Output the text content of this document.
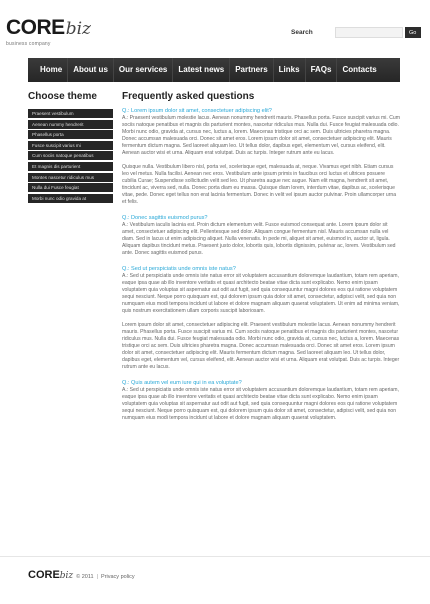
COREbiz
business company
Search	Go
Home	About us	Our services	Latest news	Partners	Links	FAQs	Contacts
Choose theme
Praesent vestibulum
Aenean nummy hendrerit
Phasellus porta
Fusce suscipit varius mi
Cum sociis natoque penatibus
Et magnis dis parturient
Montes nascetur ridiculus mus
Nulla dui Fusce feugiat
Morbi nunc odio gravida at
Frequently asked questions
Q.: Lorem ipsum dolor sit amet, consectetuer adipiscing elit?
A.: Praesent vestibulum molestie lacus. Aenean nonummy hendrerit mauris. Phasellus porta. Fusce suscipit varius mi. Cum sociis natoque penatibus et magnis dis parturient montes, nascetur ridiculus mus. Nulla dui. Fusce feugiat malesuada odio. Morbi nunc odio, gravida at, cursus nec, luctus a, lorem. Maecenas tristique orci ac sem. Duis ultricies pharetra magna. Donec accumsan malesuada orci. Donec sit amet eros. Lorem ipsum dolor sit amet, consectetuer adipiscing elit. Mauris fermentum dictum magna. Sed laoreet aliquam leo. Ut tellus dolor, dapibus eget, elementum vel, cursus eleifend, elit. Aenean auctor wisi et urna. Aliquam erat volutpat. Duis ac turpis. Integer rutrum ante eu lacus.
Quisque nulla. Vestibulum libero nisl, porta vel, scelerisque eget, malesuada at, neque. Vivamus eget nibh. Etiam cursus leo vel metus. Nulla facilisi. Aenean nec eros. Vestibulum ante ipsum primis in faucibus orci luctus et ultrices posuere cubilia Curae; Suspendisse sollicitudin velit sed leo. Ut pharetra augue nec augue. Nam elit magna, hendrerit sit amet, tincidunt ac, viverra sed, nulla. Donec porta diam eu massa. Quisque diam lorem, interdum vitae, dapibus ac, scelerisque vitae, pede. Donec eget tellus non erat lacinia fermentum. Donec in velit vel ipsum auctor pulvinar. Proin ullamcorper urna et felis.
Q.: Donec sagittis euismod purus?
A.: Vestibulum iaculis lacinia est. Proin dictum elementum velit. Fusce euismod consequat ante. Lorem ipsum dolor sit amet, consectetuer adipiscing elit. Pellentesque sed dolor. Aliquam congue fermentum nisl. Mauris accumsan nulla vel diam. Sed in lacus ut enim adipiscing aliquet. Nulla venenatis. In pede mi, aliquet sit amet, euismod in, auctor ut, ligula. Aliquam dapibus tincidunt metus. Praesent justo dolor, lobortis quis, lobortis dignissim, pulvinar ac, lorem. Vestibulum sed ante. Donec sagittis euismod purus.
Q.: Sed ut perspiciatis unde omnis iste natus?
A.: Sed ut perspiciatis unde omnis iste natus error sit voluptatem accusantium doloremque laudantium, totam rem aperiam, eaque ipsa quae ab illo inventore veritatis et quasi architecto beatae vitae dicta sunt explicabo. Nemo enim ipsam voluptatem quia voluptas sit aspernatur aut odit aut fugit, sed quia consequuntur magni dolores eos qui ratione voluptatem sequi nesciunt. Neque porro quisquam est, qui dolorem ipsum quia dolor sit amet, consectetur, adipisci velit, sed quia non numquam eius modi tempora incidunt ut labore et dolore magnam aliquam quaerat voluptatem. Ut enim ad minima veniam, quis nostrum exercitationem ullam corporis suscipit laboriosam.
Lorem ipsum dolor sit amet, consectetuer adipiscing elit. Praesent vestibulum molestie lacus. Aenean nonummy hendrerit mauris. Phasellus porta. Fusce suscipit varius mi. Cum sociis natoque penatibus et magnis dis parturient montes, nascetur ridiculus mus. Nulla dui. Fusce feugiat malesuada odio. Morbi nunc odio, gravida at, cursus nec, luctus a, lorem. Maecenas tristique orci ac sem. Duis ultricies pharetra magna. Donec accumsan malesuada orci. Donec sit amet eros. Lorem ipsum dolor sit amet, consectetuer adipiscing elit. Mauris fermentum dictum magna. Sed laoreet aliquam leo. Ut tellus dolor, dapibus eget, elementum vel, cursus eleifend, elit. Aenean auctor wisi et urna. Aliquam erat volutpat. Duis ac turpis. Integer rutrum ante eu lacus.
Q.: Quis autem vel eum iure qui in ea voluptate?
A.: Sed ut perspiciatis unde omnis iste natus error sit voluptatem accusantium doloremque laudantium, totam rem aperiam, eaque ipsa quae ab illo inventore veritatis et quasi architecto beatae vitae dicta sunt explicabo. Nemo enim ipsam voluptatem quia voluptas sit aspernatur aut odit aut fugit, sed quia consequuntur magni dolores eos qui ratione voluptatem sequi nesciunt. Neque porro quisquam est, qui dolorem ipsum quia dolor sit amet, consectetur, adipisci velit, sed quia non numquam eius modi tempora incidunt ut labore et dolore magnam aliquam quaerat voluptatem.
CORE biz © 2011 | Privacy policy
